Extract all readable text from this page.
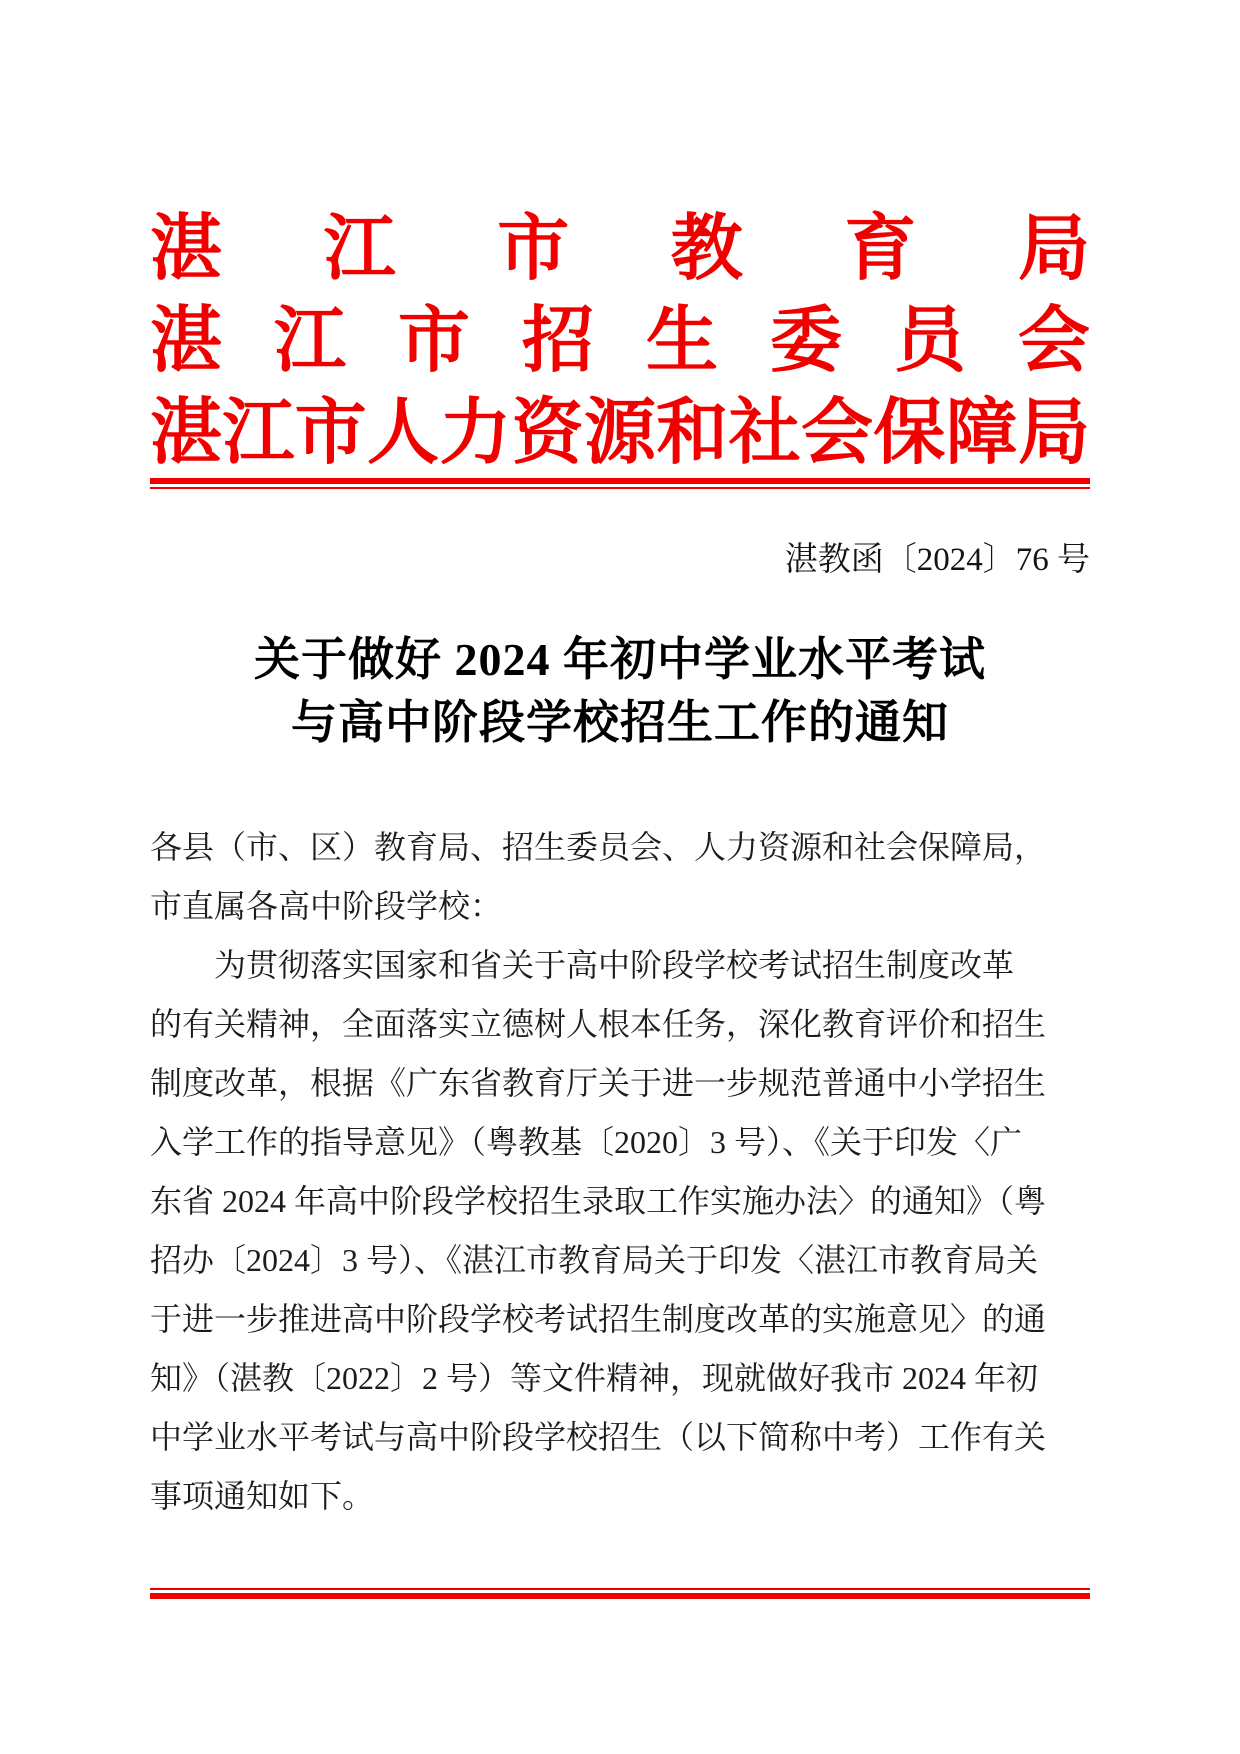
湛 江 市 教 育 局
湛 江 市 招 生 委 员 会
湛 江 市 人 力 资 源 和 社 会 保 障 局
湛教函〔2024〕76 号
关于做好 2024 年初中学业水平考试
与高中阶段学校招生工作的通知
各县（市、区）教育局、招生委员会、人力资源和社会保障局，
市直属各高中阶段学校：
为贯彻落实国家和省关于高中阶段学校考试招生制度改革
的有关精神，全面落实立德树人根本任务，深化教育评价和招生
制度改革，根据《广东省教育厅关于进一步规范普通中小学招生
入学工作的指导意见》（粤教基〔2020〕3 号）、《关于印发〈广
东省 2024 年高中阶段学校招生录取工作实施办法〉的通知》（粤
招办〔2024〕3 号）、《湛江市教育局关于印发〈湛江市教育局关
于进一步推进高中阶段学校考试招生制度改革的实施意见〉的通
知》（湛教〔2022〕2 号）等文件精神，现就做好我市 2024 年初
中学业水平考试与高中阶段学校招生（以下简称中考）工作有关
事项通知如下。
